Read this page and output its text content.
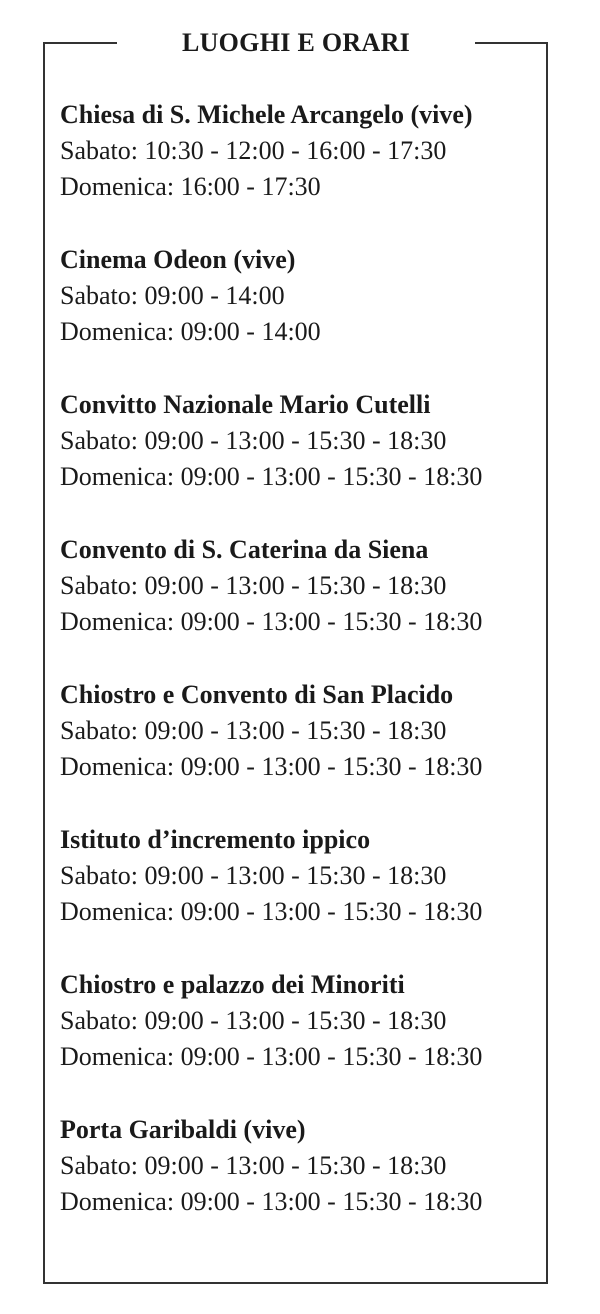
LUOGHI E ORARI
Chiesa di S. Michele Arcangelo (vive)
Sabato: 10:30 - 12:00 - 16:00 - 17:30
Domenica: 16:00 - 17:30
Cinema Odeon (vive)
Sabato: 09:00 - 14:00
Domenica: 09:00 - 14:00
Convitto Nazionale Mario Cutelli
Sabato: 09:00 - 13:00 - 15:30 - 18:30
Domenica: 09:00 - 13:00 - 15:30 - 18:30
Convento di S. Caterina da Siena
Sabato: 09:00 - 13:00 - 15:30 - 18:30
Domenica: 09:00 - 13:00 - 15:30 - 18:30
Chiostro e Convento di San Placido
Sabato: 09:00 - 13:00 - 15:30 - 18:30
Domenica: 09:00 - 13:00 - 15:30 - 18:30
Istituto d’incremento ippico
Sabato: 09:00 - 13:00 - 15:30 - 18:30
Domenica: 09:00 - 13:00 - 15:30 - 18:30
Chiostro e palazzo dei Minoriti
Sabato: 09:00 - 13:00 - 15:30 - 18:30
Domenica: 09:00 - 13:00 - 15:30 - 18:30
Porta Garibaldi (vive)
Sabato: 09:00 - 13:00 - 15:30 - 18:30
Domenica: 09:00 - 13:00 - 15:30 - 18:30
